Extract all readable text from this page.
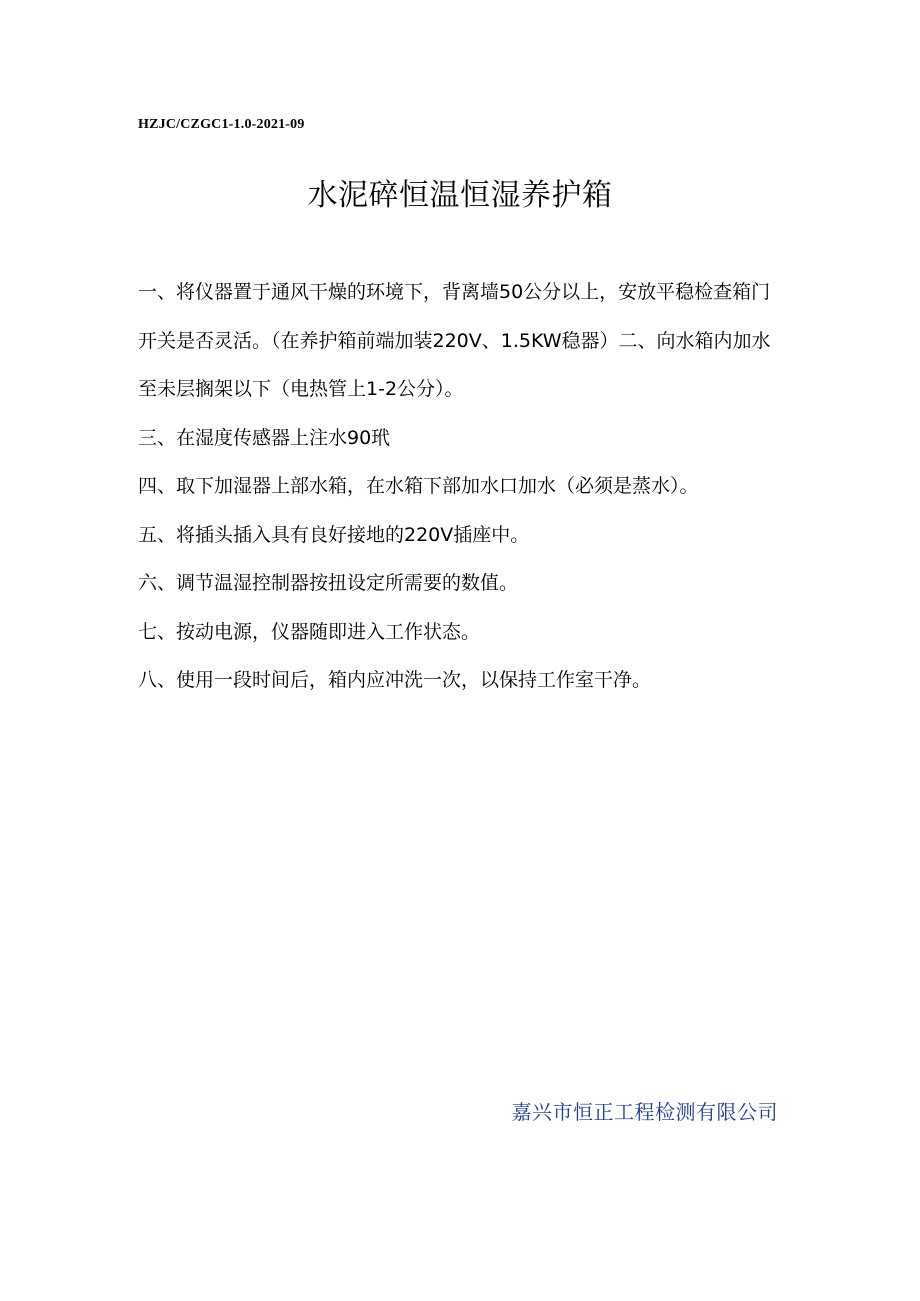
HZJC/CZGC1-1.0-2021-09
水泥碎恒温恒湿养护箱

一、将仪器置于通风干燥的环境下，背离墙50公分以上，安放平稳检查箱门开关是否灵活。（在养护箱前端加装220V、1.5KW稳器）二、向水箱内加水至未层搁架以下（电热管上1-2公分）。

三、在湿度传感器上注水90玳

四、取下加湿器上部水箱，在水箱下部加水口加水（必须是蒸水）。

五、将插头插入具有良好接地的220V插座中。

六、调节温湿控制器按扭设定所需要的数值。

七、按动电源，仪器随即进入工作状态。

八、使用一段时间后，箱内应冲洗一次，以保持工作室干净。

嘉兴市恒正工程检测有限公司
